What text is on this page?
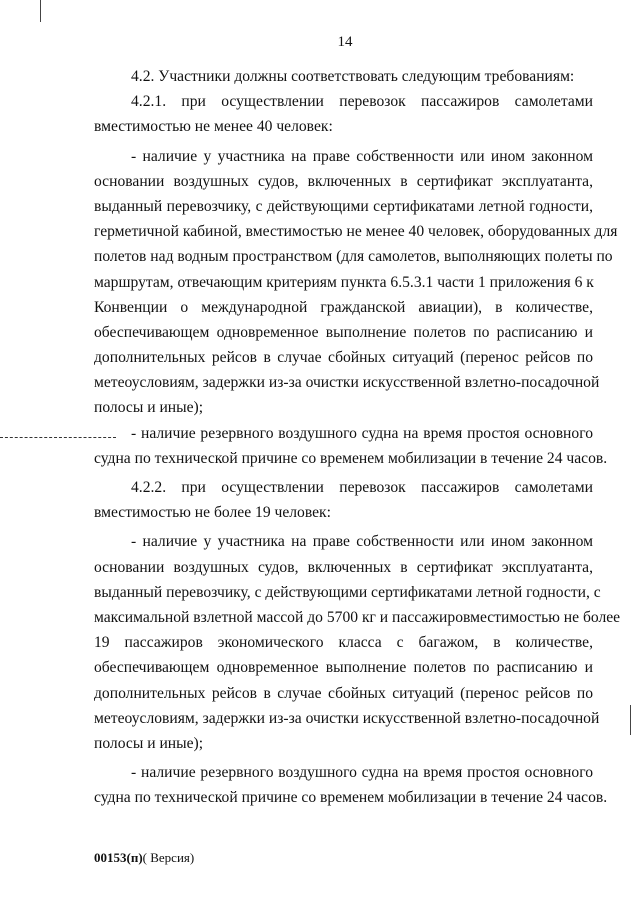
14
4.2. Участники должны соответствовать следующим требованиям:
4.2.1. при осуществлении перевозок пассажиров самолетами
вместимостью не менее 40 человек:
- наличие у участника на праве собственности или ином законном
основании воздушных судов, включенных в сертификат эксплуатанта,
выданный перевозчику, с действующими сертификатами летной годности,
герметичной кабиной, вместимостью не менее 40 человек, оборудованных для
полетов над водным пространством (для самолетов, выполняющих полеты по
маршрутам, отвечающим критериям пункта 6.5.3.1 части 1 приложения 6 к
Конвенции о международной гражданской авиации), в количестве,
обеспечивающем одновременное выполнение полетов по расписанию и
дополнительных рейсов в случае сбойных ситуаций (перенос рейсов по
метеоусловиям, задержки из-за очистки искусственной взлетно-посадочной
полосы и иные);
- наличие резервного воздушного судна на время простоя основного
судна по технической причине со временем мобилизации в течение 24 часов.
4.2.2. при осуществлении перевозок пассажиров самолетами
вместимостью не более 19 человек:
- наличие у участника на праве собственности или ином законном
основании воздушных судов, включенных в сертификат эксплуатанта,
выданный перевозчику, с действующими сертификатами летной годности, с
максимальной взлетной массой до 5700 кг и пассажировместимостью не более
19 пассажиров экономического класса с багажом, в количестве,
обеспечивающем одновременное выполнение полетов по расписанию и
дополнительных рейсов в случае сбойных ситуаций (перенос рейсов по
метеоусловиям, задержки из-за очистки искусственной взлетно-посадочной
полосы и иные);
- наличие резервного воздушного судна на время простоя основного
судна по технической причине со временем мобилизации в течение 24 часов.
00153(п)( Версия)
